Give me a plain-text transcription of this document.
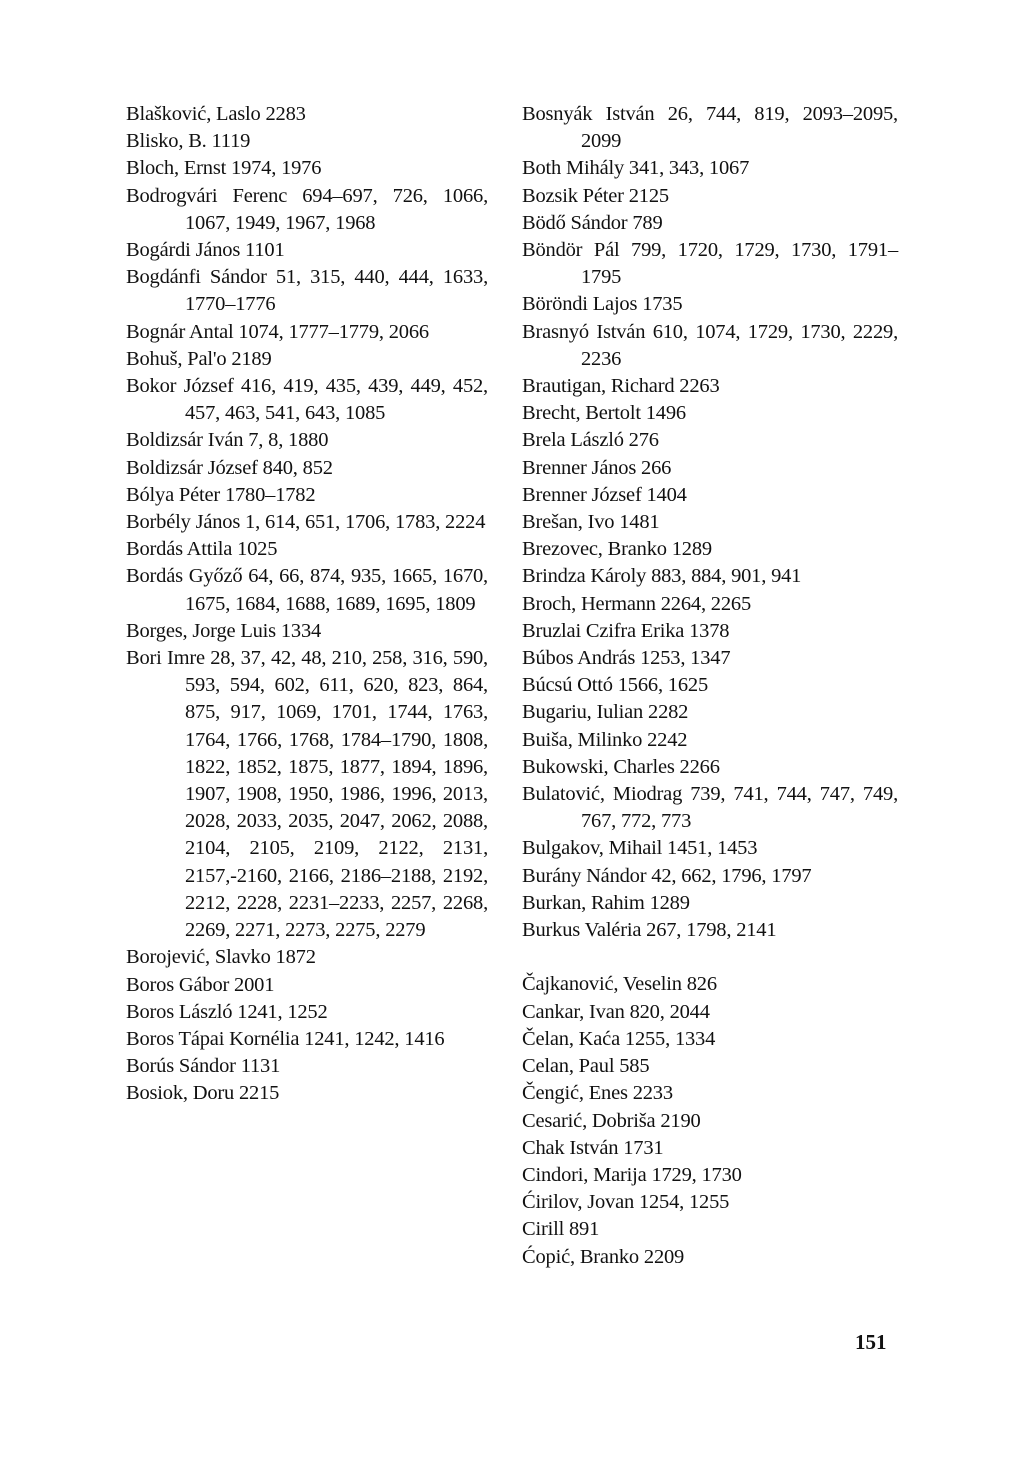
Blašković, Laslo 2283

Blisko, B. 1119

Bloch, Ernst 1974, 1976

Bodrogvári Ferenc 694–697, 726, 1066, 1067, 1949, 1967, 1968

Bogárdi János 1101

Bogdánfi Sándor 51, 315, 440, 444, 1633, 1770–1776

Bognár Antal 1074, 1777–1779, 2066

Bohuš, Pal'o 2189

Bokor József 416, 419, 435, 439, 449, 452, 457, 463, 541, 643, 1085

Boldizsár Iván 7, 8, 1880

Boldizsár József 840, 852

Bólya Péter 1780–1782

Borbély János 1, 614, 651, 1706, 1783, 2224

Bordás Attila 1025

Bordás Győző 64, 66, 874, 935, 1665, 1670, 1675, 1684, 1688, 1689, 1695, 1809

Borges, Jorge Luis 1334

Bori Imre 28, 37, 42, 48, 210, 258, 316, 590, 593, 594, 602, 611, 620, 823, 864, 875, 917, 1069, 1701, 1744, 1763, 1764, 1766, 1768, 1784–1790, 1808, 1822, 1852, 1875, 1877, 1894, 1896, 1907, 1908, 1950, 1986, 1996, 2013, 2028, 2033, 2035, 2047, 2062, 2088, 2104, 2105, 2109, 2122, 2131, 2157,-2160, 2166, 2186–2188, 2192, 2212, 2228, 2231–2233, 2257, 2268, 2269, 2271, 2273, 2275, 2279

Borojević, Slavko 1872

Boros Gábor 2001

Boros László 1241, 1252

Boros Tápai Kornélia 1241, 1242, 1416

Borús Sándor 1131

Bosiok, Doru 2215

Bosnyák István 26, 744, 819, 2093–2095, 2099

Both Mihály 341, 343, 1067

Bozsik Péter 2125

Bödő Sándor 789

Böndör Pál 799, 1720, 1729, 1730, 1791–1795

Böröndi Lajos 1735

Brasnyó István 610, 1074, 1729, 1730, 2229, 2236

Brautigan, Richard 2263

Brecht, Bertolt 1496

Brela László 276

Brenner János 266

Brenner József 1404

Brešan, Ivo 1481

Brezovec, Branko 1289

Brindza Károly 883, 884, 901, 941

Broch, Hermann 2264, 2265

Bruzlai Czifra Erika 1378

Búbos András 1253, 1347

Búcsú Ottó 1566, 1625

Bugariu, Iulian 2282

Buiša, Milinko 2242

Bukowski, Charles 2266

Bulatović, Miodrag 739, 741, 744, 747, 749, 767, 772, 773

Bulgakov, Mihail 1451, 1453

Burány Nándor 42, 662, 1796, 1797

Burkan, Rahim 1289

Burkus Valéria 267, 1798, 2141

Čajkanović, Veselin 826

Cankar, Ivan 820, 2044

Čelan, Kaća 1255, 1334

Celan, Paul 585

Čengić, Enes 2233

Cesarić, Dobriša 2190

Chak István 1731

Cindori, Marija 1729, 1730

Ćirilov, Jovan 1254, 1255

Cirill 891

Ćopić, Branko 2209

151
